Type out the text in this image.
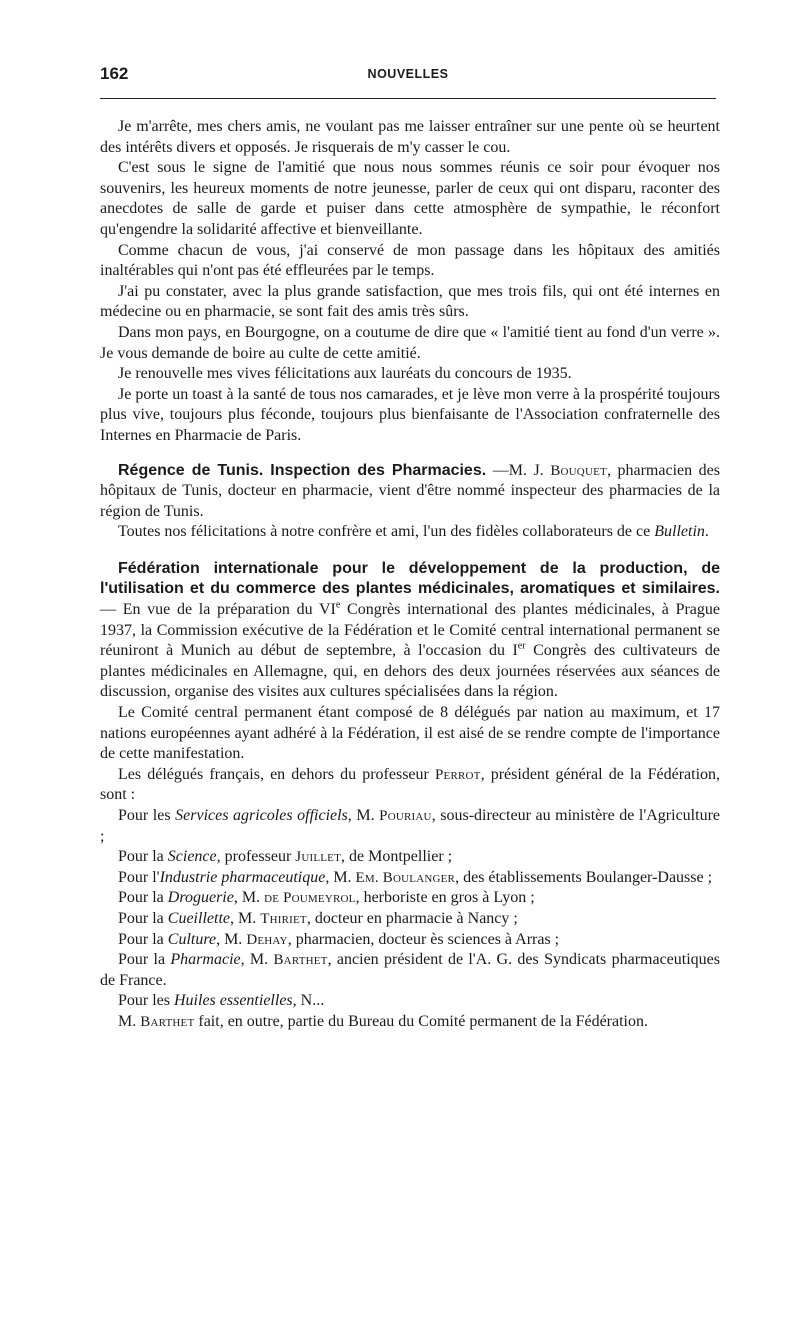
162	NOUVELLES

Je m'arrête, mes chers amis, ne voulant pas me laisser entraîner sur une pente où se heurtent des intérêts divers et opposés. Je risquerais de m'y casser le cou.

C'est sous le signe de l'amitié que nous nous sommes réunis ce soir pour évoquer nos souvenirs, les heureux moments de notre jeunesse, parler de ceux qui ont disparu, raconter des anecdotes de salle de garde et puiser dans cette atmosphère de sympathie, le réconfort qu'engendre la solidarité affective et bienveillante.

Comme chacun de vous, j'ai conservé de mon passage dans les hôpitaux des amitiés inaltérables qui n'ont pas été effleurées par le temps.

J'ai pu constater, avec la plus grande satisfaction, que mes trois fils, qui ont été internes en médecine ou en pharmacie, se sont fait des amis très sûrs.

Dans mon pays, en Bourgogne, on a coutume de dire que « l'amitié tient au fond d'un verre ». Je vous demande de boire au culte de cette amitié.

Je renouvelle mes vives félicitations aux lauréats du concours de 1935.

Je porte un toast à la santé de tous nos camarades, et je lève mon verre à la prospérité toujours plus vive, toujours plus féconde, toujours plus bienfaisante de l'Association confraternelle des Internes en Pharmacie de Paris.

Régence de Tunis. Inspection des Pharmacies. —M. J. Bouquet, pharmacien des hôpitaux de Tunis, docteur en pharmacie, vient d'être nommé inspecteur des pharmacies de la région de Tunis.

Toutes nos félicitations à notre confrère et ami, l'un des fidèles collaborateurs de ce Bulletin.

Fédération internationale pour le développement de la production, de l'utilisation et du commerce des plantes médicinales, aromatiques et similaires. — En vue de la préparation du VIe Congrès international des plantes médicinales, à Prague 1937, la Commission exécutive de la Fédération et le Comité central international permanent se réuniront à Munich au début de septembre, à l'occasion du Ier Congrès des cultivateurs de plantes médicinales en Allemagne, qui, en dehors des deux journées réservées aux séances de discussion, organise des visites aux cultures spécialisées dans la région.

Le Comité central permanent étant composé de 8 délégués par nation au maximum, et 17 nations européennes ayant adhéré à la Fédération, il est aisé de se rendre compte de l'importance de cette manifestation.

Les délégués français, en dehors du professeur Perrot, président général de la Fédération, sont :

Pour les Services agricoles officiels, M. Pouriau, sous-directeur au ministère de l'Agriculture ;

Pour la Science, professeur Juillet, de Montpellier ;

Pour l'Industrie pharmaceutique, M. Em. Boulanger, des établissements Boulanger-Dausse ;

Pour la Droguerie, M. de Poumeyrol, herboriste en gros à Lyon ;

Pour la Cueillette, M. Thiriet, docteur en pharmacie à Nancy ;

Pour la Culture, M. Dehay, pharmacien, docteur ès sciences à Arras ;

Pour la Pharmacie, M. Barthet, ancien président de l'A. G. des Syndicats pharmaceutiques de France.

Pour les Huiles essentielles, N...

M. Barthet fait, en outre, partie du Bureau du Comité permanent de la Fédération.
